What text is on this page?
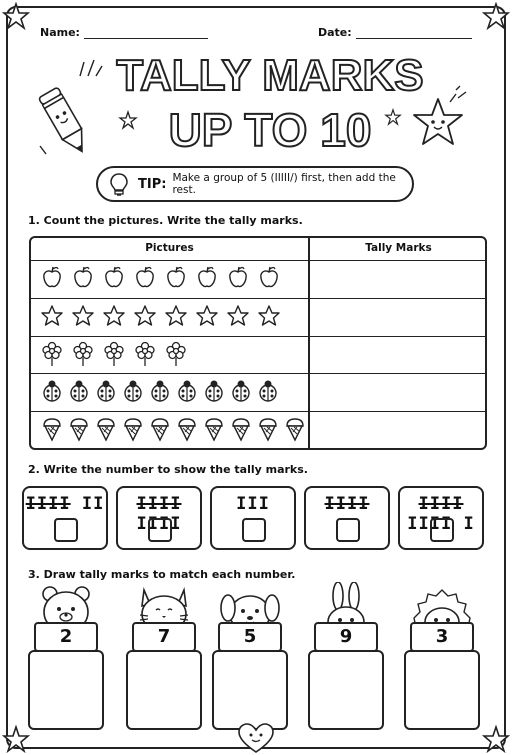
Name:	Date:
TALLY MARKS
UP TO 10
TIP: Make a group of 5 (IIIII/) first, then add the rest.
1. Count the pictures. Write the tally marks.
Pictures	Tally Marks
2. Write the number to show the tally marks.
IIII II	IIII IIII
III	IIII	IIII IIII I
3. Draw tally marks to match each number.
2	7	5	9	3
